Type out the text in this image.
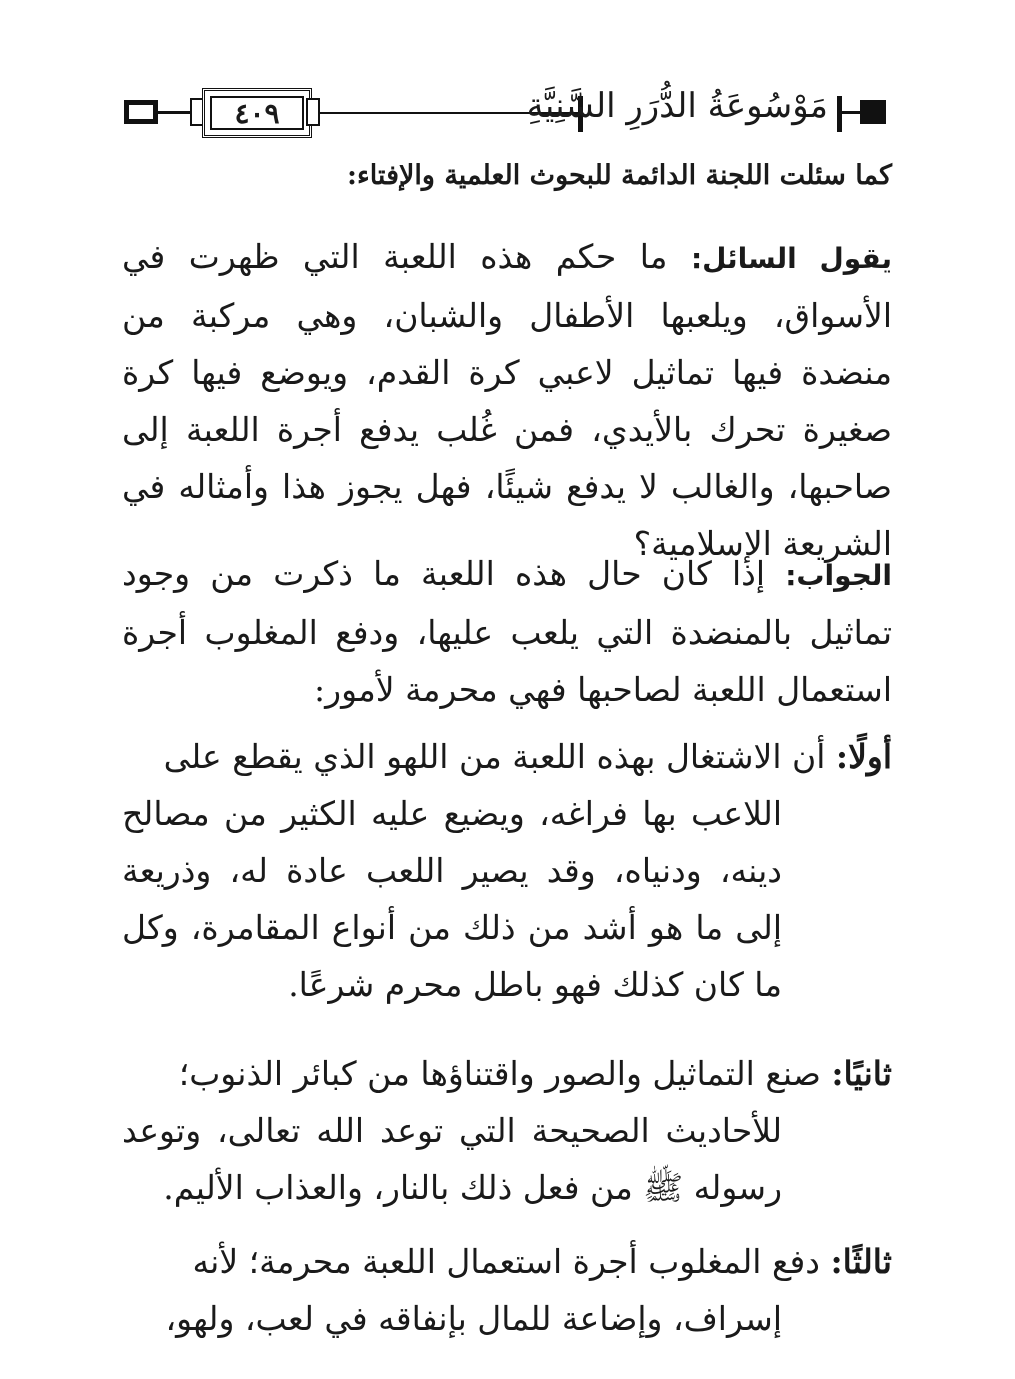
٤٠٩	مَوْسُوعَةُ الدُّرَرِ السَّنِيَّةِ
كما سئلت اللجنة الدائمة للبحوث العلمية والإفتاء:
يقول السائل: ما حكم هذه اللعبة التي ظهرت في الأسواق، ويلعبها الأطفال والشبان، وهي مركبة من منضدة فيها تماثيل لاعبي كرة القدم، ويوضع فيها كرة صغيرة تحرك بالأيدي، فمن غُلب يدفع أجرة اللعبة إلى صاحبها، والغالب لا يدفع شيئًا، فهل يجوز هذا وأمثاله في الشريعة الإسلامية؟
الجواب: إذا كان حال هذه اللعبة ما ذكرت من وجود تماثيل بالمنضدة التي يلعب عليها، ودفع المغلوب أجرة استعمال اللعبة لصاحبها فهي محرمة لأمور:
أولًا: أن الاشتغال بهذه اللعبة من اللهو الذي يقطع على
اللاعب بها فراغه، ويضيع عليه الكثير من مصالح دينه، ودنياه، وقد يصير اللعب عادة له، وذريعة إلى ما هو أشد من ذلك من أنواع المقامرة، وكل ما كان كذلك فهو باطل محرم شرعًا.
ثانيًا: صنع التماثيل والصور واقتناؤها من كبائر الذنوب؛
للأحاديث الصحيحة التي توعد الله تعالى، وتوعد رسوله ﷺ من فعل ذلك بالنار، والعذاب الأليم.
ثالثًا: دفع المغلوب أجرة استعمال اللعبة محرمة؛ لأنه
إسراف، وإضاعة للمال بإنفاقه في لعب، ولهو،
